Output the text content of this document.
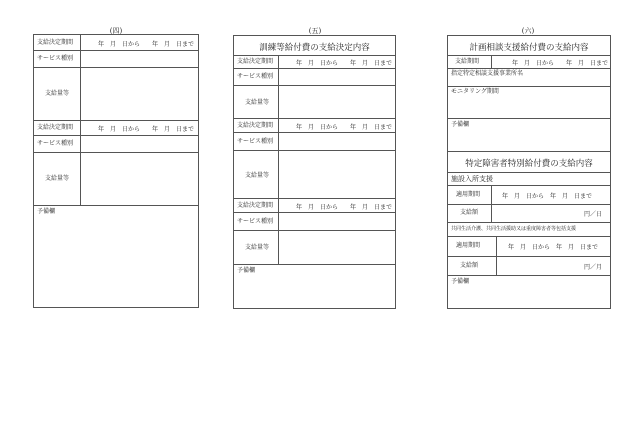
(四)
支給決定期間	年　月　日から　　年　月　日まで
サービス種別
支給量等
支給決定期間	年　月　日から　　年　月　日まで
サービス種別
支給量等
予備欄
(五)
訓練等給付費の支給決定内容
支給決定期間	年　月　日から　　年　月　日まで
サービス種別
支給量等
支給決定期間	年　月　日から　　年　月　日まで
サービス種別
支給量等
支給決定期間	年　月　日から　　年　月　日まで
サービス種別
支給量等
予備欄
(六)
計画相談支援給付費の支給内容
支給期間	年　月　日から　　年　月　日まで
指定特定相談支援事業所名
モニタリング期間
予備欄
特定障害者特別給付費の支給内容
施設入所支援
適用期間	年　月　日から　年　月　日まで
支給額	円／日
共同生活介護、共同生活援助又は重度障害者等包括支援
適用期間	年　月　日から　年　月　日まで
支給額	円／月
予備欄
